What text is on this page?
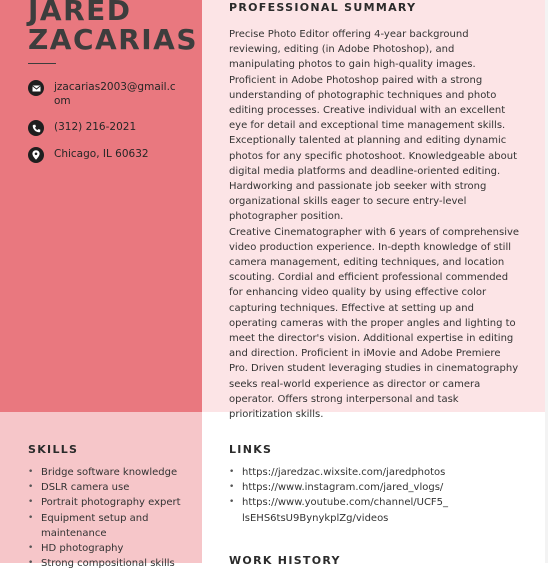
JARED
ZACARIAS
jzacarias2003@gmail.com
(312) 216-2021
Chicago, IL 60632
PROFESSIONAL SUMMARY

Precise Photo Editor offering 4-year background reviewing, editing (in Adobe Photoshop), and manipulating photos to gain high-quality images. Proficient in Adobe Photoshop paired with a strong understanding of photographic techniques and photo editing processes. Creative individual with an excellent eye for detail and exceptional time management skills. Exceptionally talented at planning and editing dynamic photos for any specific photoshoot. Knowledgeable about digital media platforms and deadline-oriented editing. Hardworking and passionate job seeker with strong organizational skills eager to secure entry-level photographer position.

Creative Cinematographer with 6 years of comprehensive video production experience. In-depth knowledge of still camera management, editing techniques, and location scouting. Cordial and efficient professional commended for enhancing video quality by using effective color capturing techniques. Effective at setting up and operating cameras with the proper angles and lighting to meet the director's vision. Additional expertise in editing and direction. Proficient in iMovie and Adobe Premiere Pro. Driven student leveraging studies in cinematography seeks real-world experience as director or camera operator. Offers strong interpersonal and task prioritization skills.

SKILLS
• Bridge software knowledge
• DSLR camera use
• Portrait photography expert
• Equipment setup and maintenance
• HD photography
• Strong compositional skills
LINKS
• https://jaredzac.wixsite.com/jaredphotos
• https://www.instagram.com/jared_vlogs/
• https://www.youtube.com/channel/UCF5_lsEHS6tsU9BynykplZg/videos
WORK HISTORY
